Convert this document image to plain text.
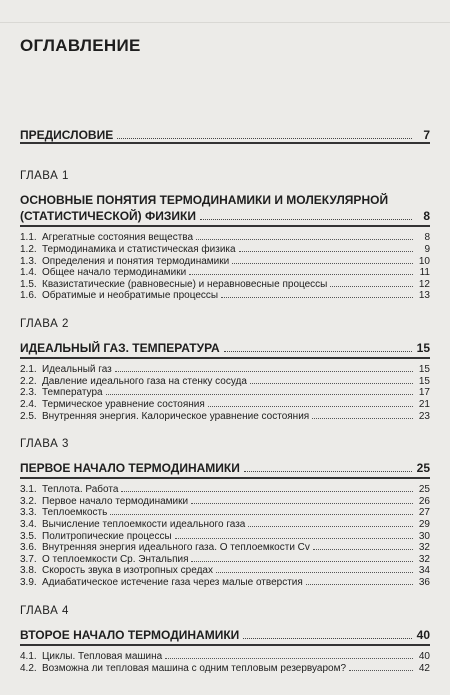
ОГЛАВЛЕНИЕ
ПРЕДИСЛОВИЕ	7
ГЛАВА 1
ОСНОВНЫЕ ПОНЯТИЯ ТЕРМОДИНАМИКИ И МОЛЕКУЛЯРНОЙ
(СТАТИСТИЧЕСКОЙ) ФИЗИКИ	8
1.1. Агрегатные состояния вещества	8
1.2. Термодинамика и статистическая физика	9
1.3. Определения и понятия термодинамики	10
1.4. Общее начало термодинамики	11
1.5. Квазистатические (равновесные) и неравновесные процессы	12
1.6. Обратимые и необратимые процессы	13
ГЛАВА 2
ИДЕАЛЬНЫЙ ГАЗ. ТЕМПЕРАТУРА	15
2.1. Идеальный газ	15
2.2. Давление идеального газа на стенку сосуда	15
2.3. Температура	17
2.4. Термическое уравнение состояния	21
2.5. Внутренняя энергия. Калорическое уравнение состояния	23
ГЛАВА 3
ПЕРВОЕ НАЧАЛО ТЕРМОДИНАМИКИ	25
3.1. Теплота. Работа	25
3.2. Первое начало термодинамики	26
3.3. Теплоемкость	27
3.4. Вычисление теплоемкости идеального газа	29
3.5. Политропические процессы	30
3.6. Внутренняя энергия идеального газа. О теплоемкости Cv	32
3.7. О теплоемкости Cp. Энтальпия	32
3.8. Скорость звука в изотропных средах	34
3.9. Адиабатическое истечение газа через малые отверстия	36
ГЛАВА 4
ВТОРОЕ НАЧАЛО ТЕРМОДИНАМИКИ	40
4.1. Циклы. Тепловая машина	40
4.2. Возможна ли тепловая машина с одним тепловым резервуаром?	42
